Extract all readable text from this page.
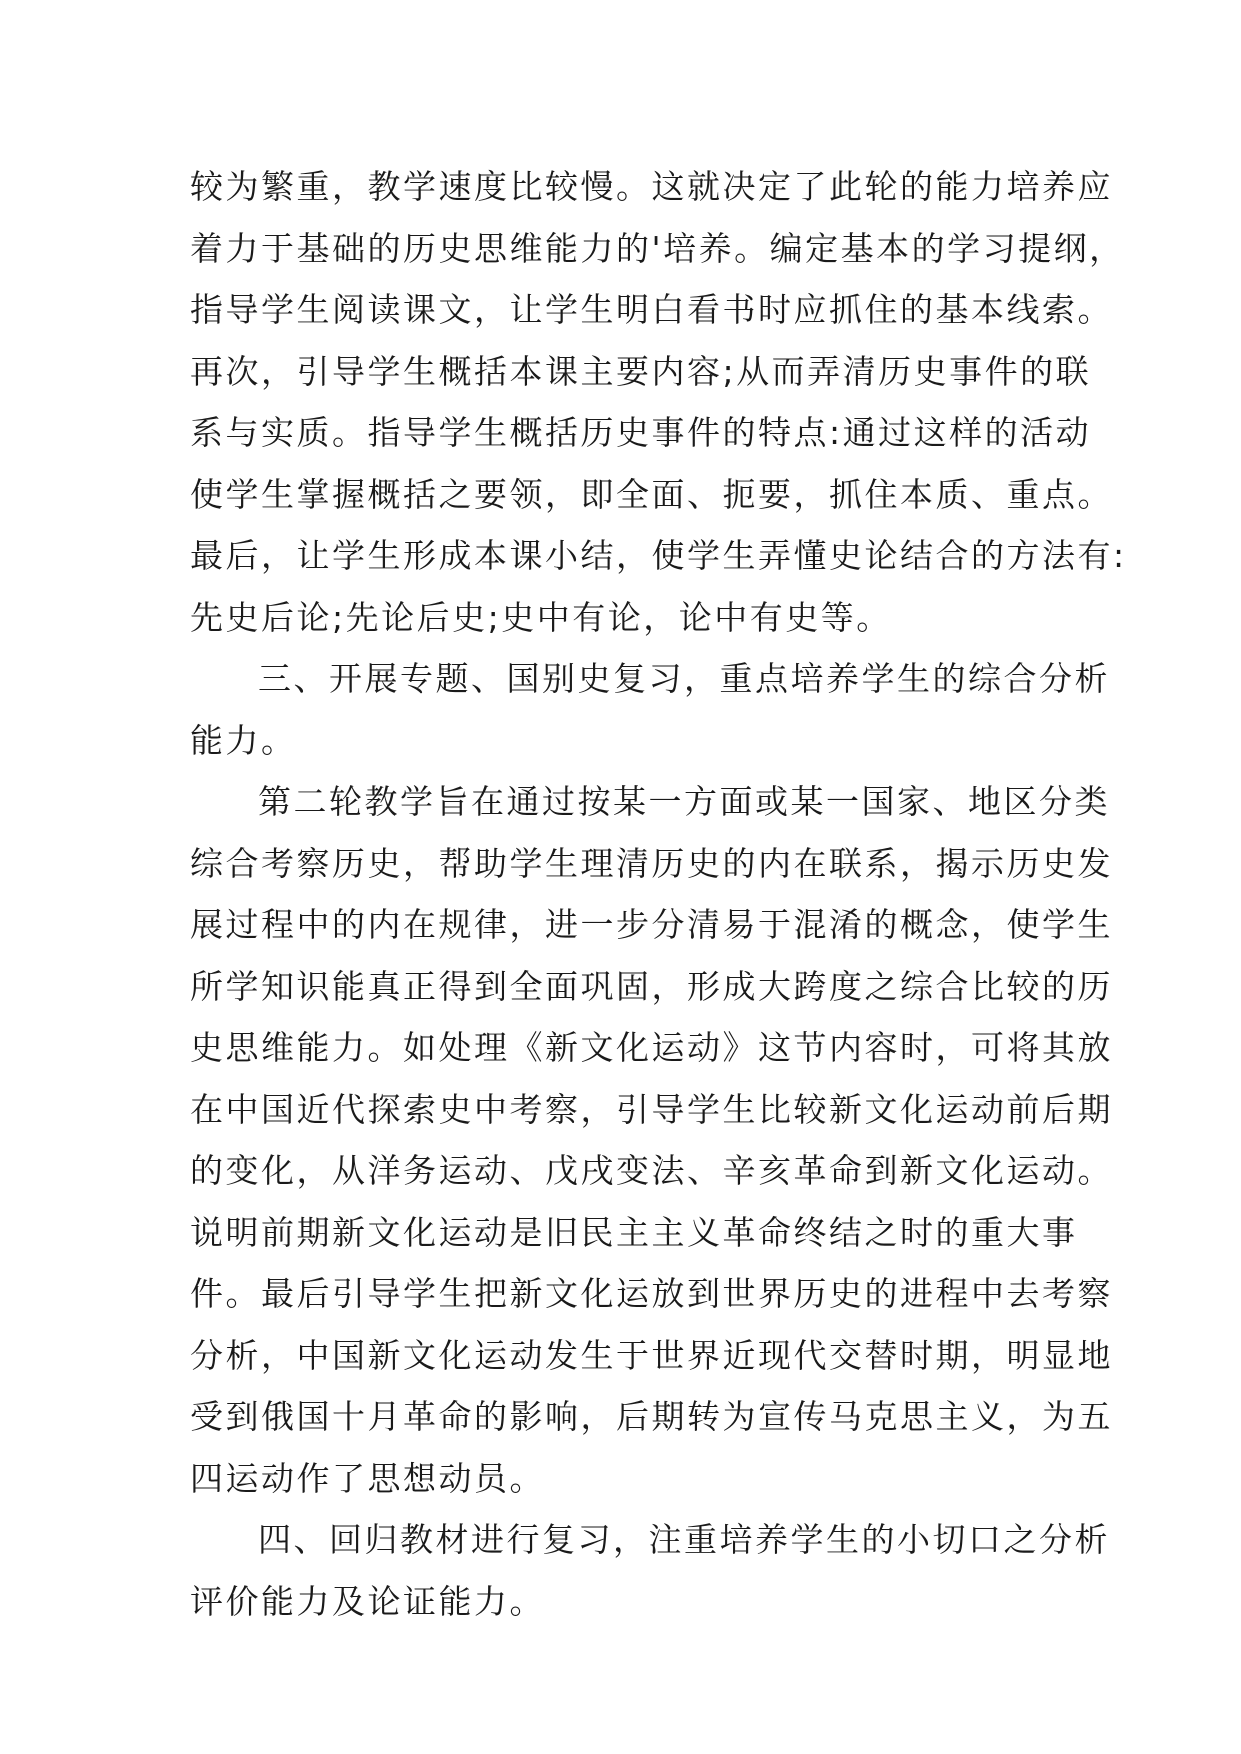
较为繁重，教学速度比较慢。这就决定了此轮的能力培养应
着力于基础的历史思维能力的'培养。编定基本的学习提纲，
指导学生阅读课文，让学生明白看书时应抓住的基本线索。
再次，引导学生概括本课主要内容;从而弄清历史事件的联
系与实质。指导学生概括历史事件的特点:通过这样的活动
使学生掌握概括之要领，即全面、扼要，抓住本质、重点。
最后，让学生形成本课小结，使学生弄懂史论结合的方法有:
先史后论;先论后史;史中有论，论中有史等。
三、开展专题、国别史复习，重点培养学生的综合分析
能力。
第二轮教学旨在通过按某一方面或某一国家、地区分类
综合考察历史，帮助学生理清历史的内在联系，揭示历史发
展过程中的内在规律，进一步分清易于混淆的概念，使学生
所学知识能真正得到全面巩固，形成大跨度之综合比较的历
史思维能力。如处理《新文化运动》这节内容时，可将其放
在中国近代探索史中考察，引导学生比较新文化运动前后期
的变化，从洋务运动、戊戌变法、辛亥革命到新文化运动。
说明前期新文化运动是旧民主主义革命终结之时的重大事
件。最后引导学生把新文化运放到世界历史的进程中去考察
分析，中国新文化运动发生于世界近现代交替时期，明显地
受到俄国十月革命的影响，后期转为宣传马克思主义，为五
四运动作了思想动员。
四、回归教材进行复习，注重培养学生的小切口之分析
评价能力及论证能力。
